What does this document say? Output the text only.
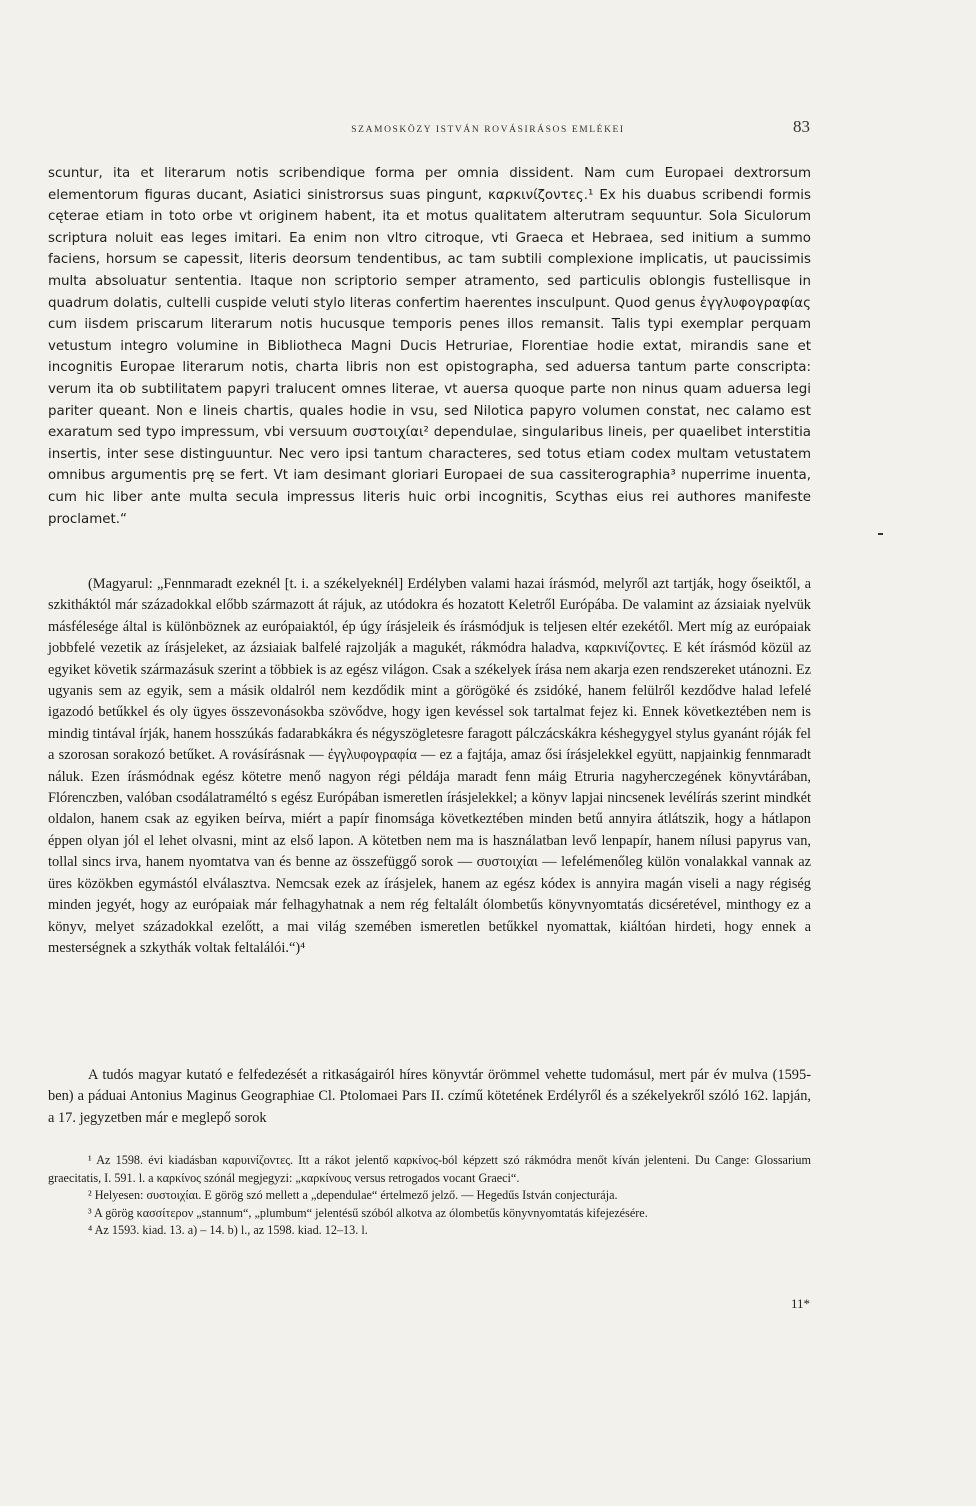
SZAMOSKÖZY ISTVÁN ROVÁSIRÁSOS EMLÉKEI	83

scuntur, ita et literarum notis scribendique forma per omnia dissident. Nam cum Europaei dextrorsum elementorum figuras ducant, Asiatici sinistrorsus suas pingunt, καρκινίζοντες.¹ Ex his duabus scribendi formis cęterae etiam in toto orbe vt originem habent, ita et motus qualitatem alterutram sequuntur. Sola Siculorum scriptura noluit eas leges imitari. Ea enim non vltro citroque, vti Graeca et Hebraea, sed initium a summo faciens, horsum se capessit, literis deorsum tendentibus, ac tam subtili complexione implicatis, ut paucissimis multa absoluatur sententia. Itaque non scriptorio semper atramento, sed particulis oblongis fustellisque in quadrum dolatis, cultelli cuspide veluti stylo literas confertim haerentes insculpunt. Quod genus ἐγγλυφογραφίας cum iisdem priscarum literarum notis hucusque temporis penes illos remansit. Talis typi exemplar perquam vetustum integro volumine in Bibliotheca Magni Ducis Hetruriae, Florentiae hodie extat, mirandis sane et incognitis Europae literarum notis, charta libris non est opistographa, sed aduersa tantum parte conscripta: verum ita ob subtilitatem papyri tralucent omnes literae, vt auersa quoque parte non ninus quam aduersa legi pariter queant. Non e lineis chartis, quales hodie in vsu, sed Nilotica papyro volumen constat, nec calamo est exaratum sed typo impressum, vbi versuum συστοιχίαι² dependulae, singularibus lineis, per quaelibet interstitia insertis, inter sese distinguuntur. Nec vero ipsi tantum characteres, sed totus etiam codex multam vetustatem omnibus argumentis prę se fert. Vt iam desimant gloriari Europaei de sua cassiterographia³ nuperrime inuenta, cum hic liber ante multa secula impressus literis huic orbi incognitis, Scythas eius rei authores manifeste proclamet.“

(Magyarul: „Fennmaradt ezeknél [t. i. a székelyeknél] Erdélyben valami hazai írásmód, melyről azt tartják, hogy őseiktől, a szkitháktól már századokkal előbb származott át rájuk, az utódokra és hozatott Keletről Európába. De valamint az ázsiaiak nyelvük másfélesége által is különböznek az európaiaktól, ép úgy írásjeleik és írásmódjuk is teljesen eltér ezekétől. Mert míg az európaiak jobbfelé vezetik az írásjeleket, az ázsiaiak balfelé rajzolják a magukét, rákmódra haladva, καρκινίζοντες. E két írásmód közül az egyiket követik származásuk szerint a többiek is az egész világon. Csak a székelyek írása nem akarja ezen rendszereket utánozni. Ez ugyanis sem az egyik, sem a másik oldalról nem kezdődik mint a görögöké és zsidóké, hanem felülről kezdődve halad lefelé igazodó betűkkel és oly ügyes összevonásokba szövődve, hogy igen kevéssel sok tartalmat fejez ki. Ennek következtében nem is mindig tintával írják, hanem hosszúkás fadarabkákra és négyszögletesre faragott pálczácskákra késhegygyel stylus gyanánt róják fel a szorosan sorakozó betűket. A rovásírásnak — ἐγγλυφογραφία — ez a fajtája, amaz ősi írásjelekkel együtt, napjainkig fennmaradt náluk. Ezen írásmódnak egész kötetre menő nagyon régi példája maradt fenn máig Etruria nagyherczegének könyvtárában, Flórenczben, valóban csodálatraméltó s egész Európában ismeretlen írásjelekkel; a könyv lapjai nincsenek levélírás szerint mindkét oldalon, hanem csak az egyiken beírva, miért a papír finomsága következtében minden betű annyira átlátszik, hogy a hátlapon éppen olyan jól el lehet olvasni, mint az első lapon. A kötetben nem ma is használatban levő lenpapír, hanem nílusi papyrus van, tollal sincs irva, hanem nyomtatva van és benne az összefüggő sorok — συστοιχίαι — lefelémenőleg külön vonalakkal vannak az üres közökben egymástól elválasztva. Nemcsak ezek az írásjelek, hanem az egész kódex is annyira magán viseli a nagy régiség minden jegyét, hogy az európaiak már felhagyhatnak a nem rég feltalált ólombetűs könyvnyomtatás dicséretével, minthogy ez a könyv, melyet századokkal ezelőtt, a mai világ szemében ismeretlen betűkkel nyomattak, kiáltóan hirdeti, hogy ennek a mesterségnek a szkythák voltak feltalálói.“)⁴

A tudós magyar kutató e felfedezését a ritkaságairól híres könyvtár örömmel vehette tudomásul, mert pár év mulva (1595-ben) a páduai Antonius Maginus Geographiae Cl. Ptolomaei Pars II. czímű kötetének Erdélyről és a székelyekről szóló 162. lapján, a 17. jegyzetben már e meglepő sorok

¹ Az 1598. évi kiadásban καρυινίζοντες. Itt a rákot jelentő καρκίνος-ból képzett szó rákmódra menőt kíván jelenteni. Du Cange: Glossarium graecitatis, I. 591. l. a καρκίνος szónál megjegyzi: „καρκίνους versus retrogados vocant Graeci“.

² Helyesen: συστοιχίαι. E görög szó mellett a „dependulae“ értelmező jelző. — Hegedűs István conjecturája.

³ A görög κασσίτερον „stannum“, „plumbum“ jelentésű szóból alkotva az ólombetűs könyvnyomtatás kifejezésére.

⁴ Az 1593. kiad. 13. a) – 14. b) l., az 1598. kiad. 12–13. l.

11*
